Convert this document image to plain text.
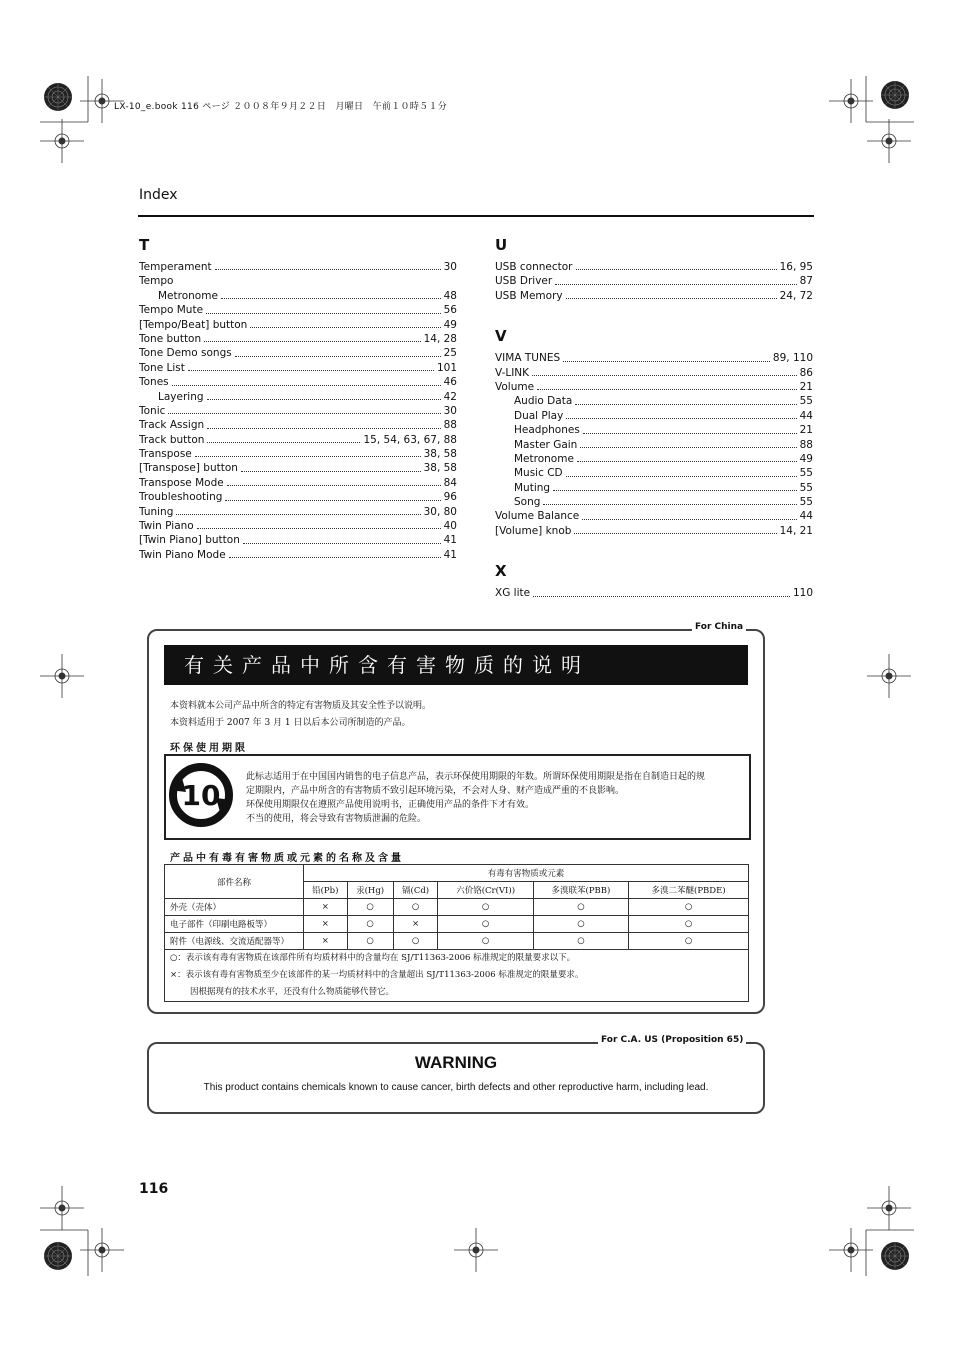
LX-10_e.book 116 ページ ２００８年９月２２日　月曜日　午前１０時５１分
Index
T
Temperament	30
Tempo
Metronome	48
Tempo Mute	56
[Tempo/Beat] button	49
Tone button	14, 28
Tone Demo songs	25
Tone List	101
Tones	46
Layering	42
Tonic	30
Track Assign	88
Track button	15, 54, 63, 67, 88
Transpose	38, 58
[Transpose] button	38, 58
Transpose Mode	84
Troubleshooting	96
Tuning	30, 80
Twin Piano	40
[Twin Piano] button	41
Twin Piano Mode	41
U
USB connector	16, 95
USB Driver	87
USB Memory	24, 72
V
VIMA TUNES	89, 110
V-LINK	86
Volume	21
Audio Data	55
Dual Play	44
Headphones	21
Master Gain	88
Metronome	49
Music CD	55
Muting	55
Song	55
Volume Balance	44
[Volume] knob	14, 21
X
XG lite	110
For China
有关产品中所含有害物质的说明
本资料就本公司产品中所含的特定有害物质及其安全性予以说明。
本资料适用于 2007 年 3 月 1 日以后本公司所制造的产品。
环保使用期限
10
此标志适用于在中国国内销售的电子信息产品，表示环保使用期限的年数。所谓环保使用期限是指在自制造日起的规
定期限内，产品中所含的有害物质不致引起环境污染，不会对人身、财产造成严重的不良影响。
环保使用期限仅在遵照产品使用说明书，正确使用产品的条件下才有效。
不当的使用，将会导致有害物质泄漏的危险。
产品中有毒有害物质或元素的名称及含量
部件名称	有毒有害物质或元素					
	铅(Pb)	汞(Hg)	镉(Cd)	六价铬(Cr(VI))	多溴联苯(PBB)	多溴二苯醚(PBDE)
外壳（壳体）	×	○	○	○	○	○
电子部件（印刷电路板等）	×	○	×	○	○	○
附件（电源线、交流适配器等）	×	○	○	○	○	○

○：表示该有毒有害物质在该部件所有均质材料中的含量均在 SJ/T11363-2006 标准规定的限量要求以下。
×：表示该有毒有害物质至少在该部件的某一均质材料中的含量超出 SJ/T11363-2006 标准规定的限量要求。
因根据现有的技术水平，还没有什么物质能够代替它。						
For C.A. US (Proposition 65)
WARNING
This product contains chemicals known to cause cancer, birth defects and other reproductive harm, including lead.
116
